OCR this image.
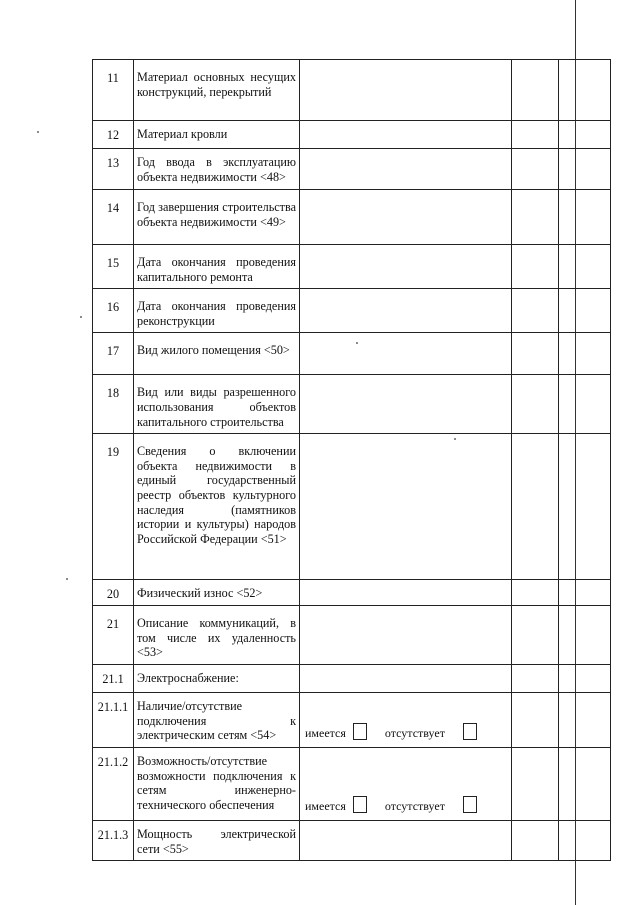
11	Материал основных несущих конструкций, перекрытий			
12	Материал кровли			
13	Год ввода в эксплуатацию объекта недвижимости <48>			
14	Год завершения строительства объекта недвижимости <49>			
15	Дата окончания проведения капитального ремонта			
16	Дата окончания проведения реконструкции			
17	Вид жилого помещения <50>			
18	Вид или виды разрешенного использования объектов капитального строительства			
19	Сведения о включении объекта недвижимости в единый государственный реестр объектов культурного наследия (памятников истории и культуры) народов Российской Федерации <51>			
20	Физический износ <52>			
21	Описание коммуникаций, в том числе их удаленность <53>			
21.1	Электроснабжение:			
21.1.1	Наличие/отсутствие подключения к электрическим сетям <54>	имеется отсутствует		

21.1.2	Возможность/отсутствие возможности подключения к сетям инженерно-технического обеспечения	имеется отсутствует		

21.1.3	Мощность электрической сети <55>			
